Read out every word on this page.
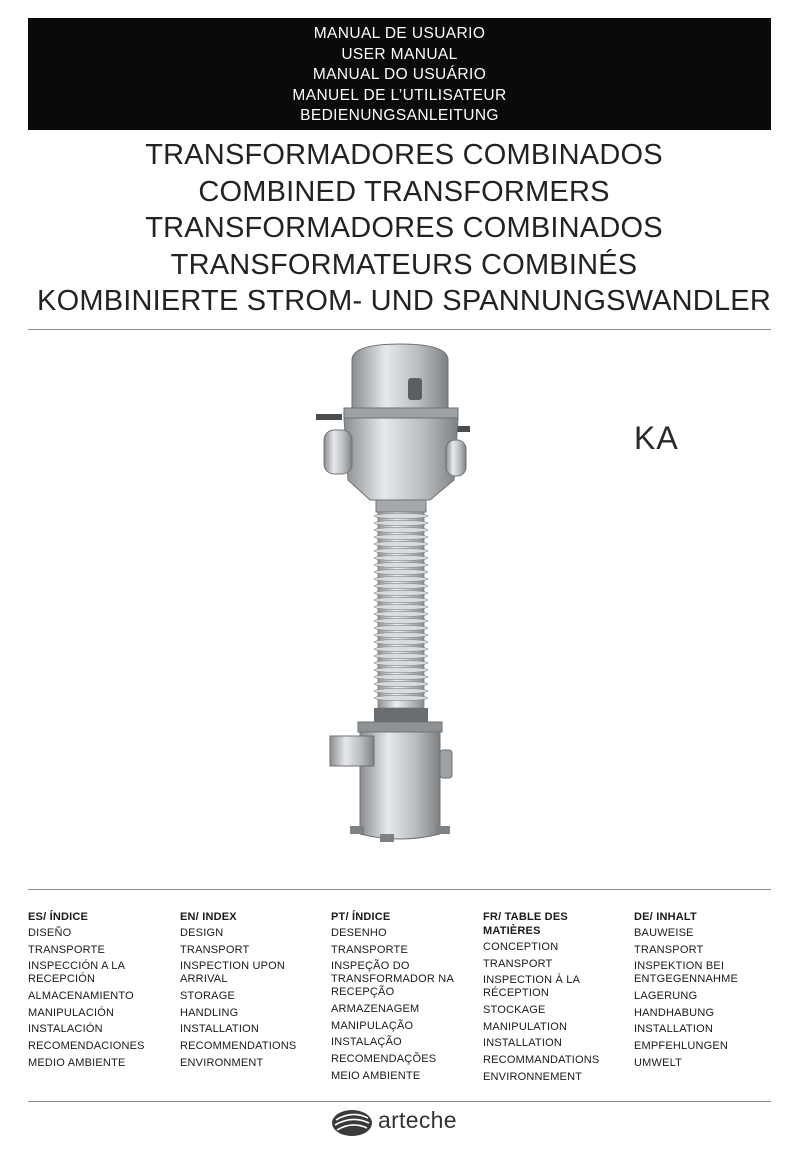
MANUAL DE USUARIO
USER MANUAL
MANUAL DO USUÁRIO
MANUEL DE L’UTILISATEUR
BEDIENUNGSANLEITUNG
TRANSFORMADORES COMBINADOS
COMBINED TRANSFORMERS
TRANSFORMADORES COMBINADOS
TRANSFORMATEURS COMBINÉS
KOMBINIERTE STROM- UND SPANNUNGSWANDLER
KA
ES/ ÍNDICE
DISEÑO
TRANSPORTE
INSPECCIÓN A LA RECEPCIÓN
ALMACENAMIENTO
MANIPULACIÓN
INSTALACIÓN
RECOMENDACIONES
MEDIO AMBIENTE
EN/ INDEX
DESIGN
TRANSPORT
INSPECTION UPON ARRIVAL
STORAGE
HANDLING
INSTALLATION
RECOMMENDATIONS
ENVIRONMENT
PT/ ÍNDICE
DESENHO
TRANSPORTE
INSPEÇÃO DO TRANSFORMADOR NA RECEPÇÃO
ARMAZENAGEM
MANIPULAÇÃO
INSTALAÇÃO
RECOMENDAÇÕES
MEIO AMBIENTE
FR/ TABLE DES MATIÈRES
CONCEPTION
TRANSPORT
INSPECTION À LA RÉCEPTION
STOCKAGE
MANIPULATION
INSTALLATION
RECOMMANDATIONS
ENVIRONNEMENT
DE/ INHALT
BAUWEISE
TRANSPORT
INSPEKTION BEI ENTGEGENNAHME
LAGERUNG
HANDHABUNG
INSTALLATION
EMPFEHLUNGEN
UMWELT
arteche
